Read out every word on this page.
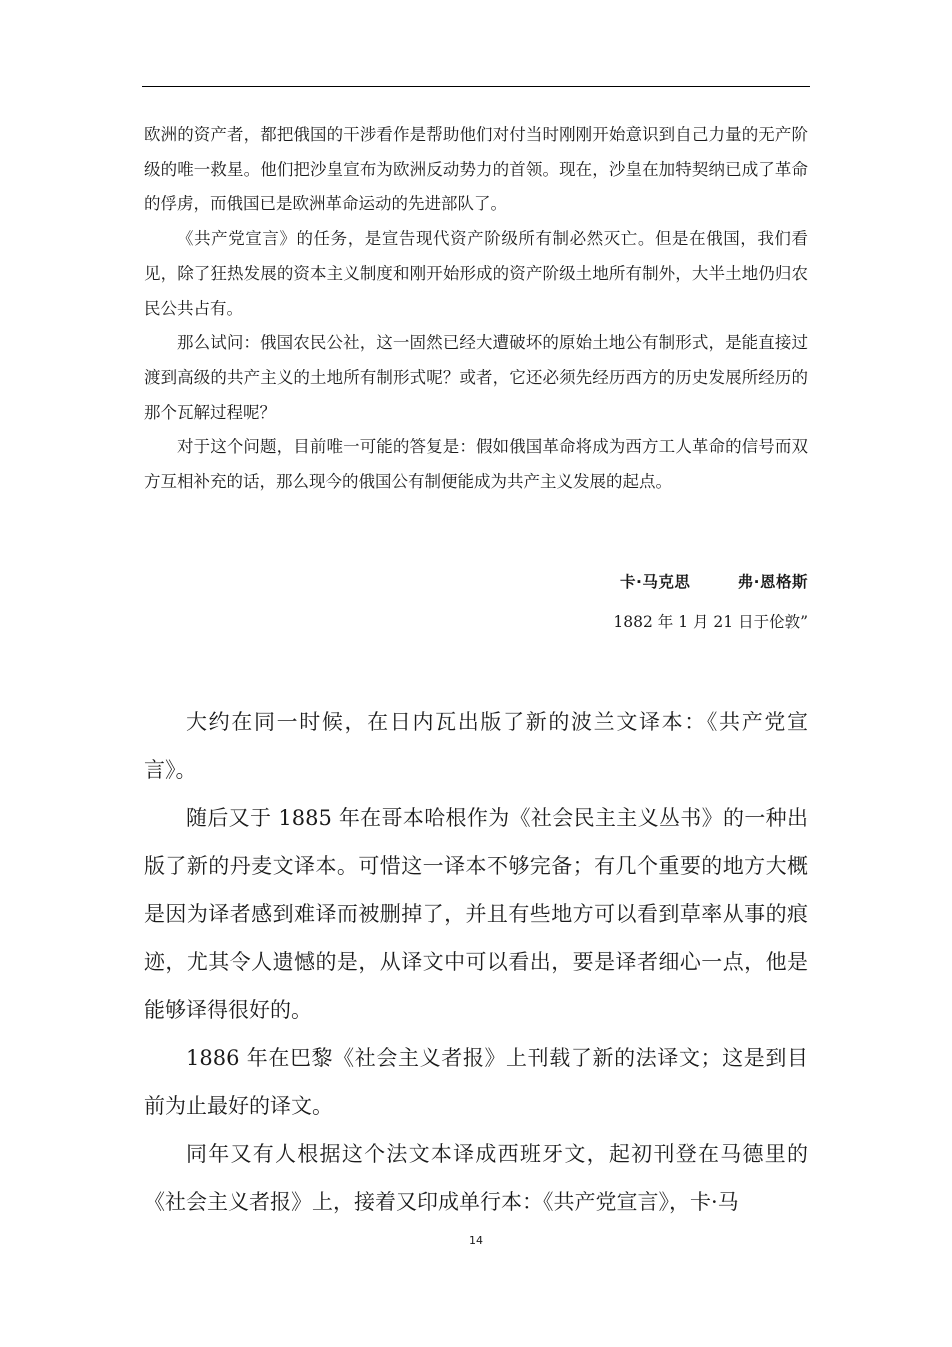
欧洲的资产者，都把俄国的干涉看作是帮助他们对付当时刚刚开始意识到自己力量的无产阶级的唯一救星。他们把沙皇宣布为欧洲反动势力的首领。现在，沙皇在加特契纳已成了革命的俘虏，而俄国已是欧洲革命运动的先进部队了。

《共产党宣言》的任务，是宣告现代资产阶级所有制必然灭亡。但是在俄国，我们看见，除了狂热发展的资本主义制度和刚开始形成的资产阶级土地所有制外，大半土地仍归农民公共占有。

那么试问：俄国农民公社，这一固然已经大遭破坏的原始土地公有制形式，是能直接过渡到高级的共产主义的土地所有制形式呢？或者，它还必须先经历西方的历史发展所经历的那个瓦解过程呢？

对于这个问题，目前唯一可能的答复是：假如俄国革命将成为西方工人革命的信号而双方互相补充的话，那么现今的俄国公有制便能成为共产主义发展的起点。

卡·马克思	弗·恩格斯
1882 年 1 月 21 日于伦敦”

大约在同一时候，在日内瓦出版了新的波兰文译本：《共产党宣言》。

随后又于 1885 年在哥本哈根作为《社会民主主义丛书》的一种出版了新的丹麦文译本。可惜这一译本不够完备；有几个重要的地方大概是因为译者感到难译而被删掉了，并且有些地方可以看到草率从事的痕迹，尤其令人遗憾的是，从译文中可以看出，要是译者细心一点，他是能够译得很好的。

1886 年在巴黎《社会主义者报》上刊载了新的法译文；这是到目前为止最好的译文。

同年又有人根据这个法文本译成西班牙文，起初刊登在马德里的《社会主义者报》上，接着又印成单行本：《共产党宣言》，卡·马

14
